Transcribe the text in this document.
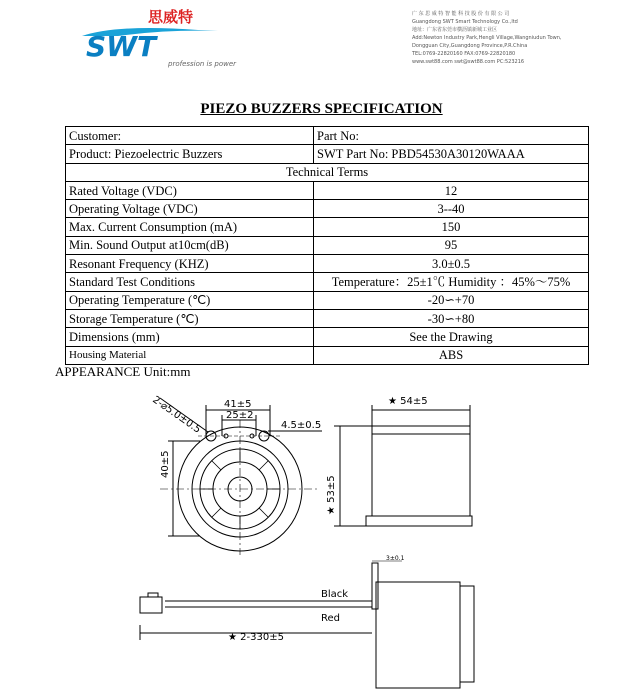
思威特
SWT
profession is power
广 东 思 威 特 智 能 科 技 股 份 有 限 公 司
Guangdong SWT Smart Technology Co.,ltd
地址：广东省东莞市横沥镇新城工业区
Add:Newton Industry Park,Hengli Village,Wangniudun Town,
Dongguan City,Guangdong Province,P.R.China
TEL:0769-22820160 FAX:0769-22820180
www.swt88.com swt@swt88.com PC:523216
PIEZO BUZZERS SPECIFICATION
Customer:	Part No:
Product: Piezoelectric Buzzers	SWT Part No: PBD54530A30120WAAA
Technical Terms	
Rated Voltage (VDC)	12
Operating Voltage (VDC)	3--40
Max. Current Consumption (mA)	150
Min. Sound Output at10cm(dB)	95
Resonant Frequency (KHZ)	3.0±0.5
Standard Test Conditions	Temperature：25±1℃ Humidity ：45%～75%
Operating Temperature (℃)	-20∽+70
Storage Temperature (℃)	-30∽+80
Dimensions (mm)	See the Drawing
Housing Material	ABS
APPEARANCE Unit:mm
2-⌀5.0±0.5 41±5
25±2
4.5±0.5
40±5
★ 54±5
★ 53±5
3±0.1
Black
Red
★ 2-330±5
